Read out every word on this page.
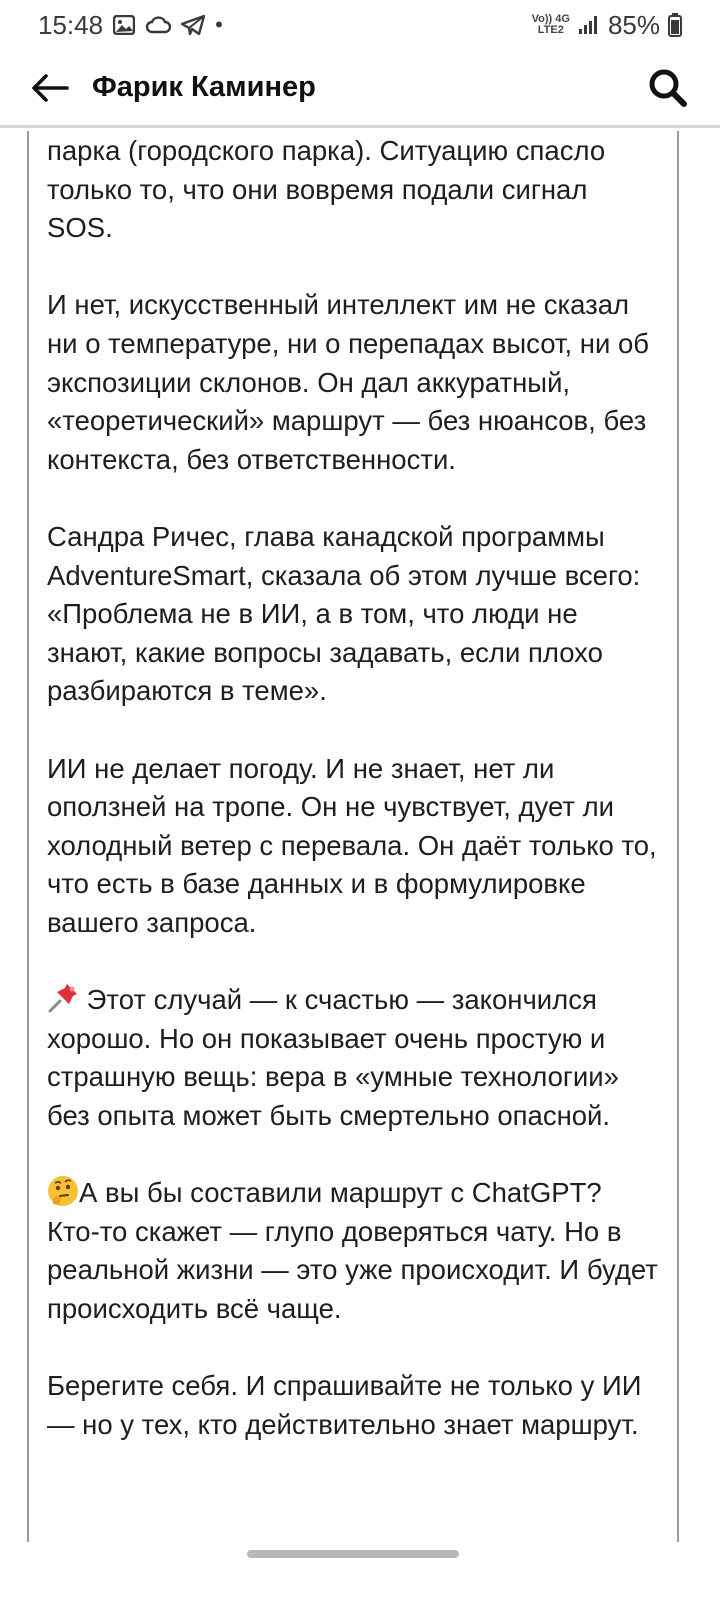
15:48	•	Vo)) 4G
LTE2 85%
Фарик Каминер

парка (городского парка). Ситуацию спасло только то, что они вовремя подали сигнал SOS.

И нет, искусственный интеллект им не сказал ни о температуре, ни о перепадах высот, ни об экспозиции склонов. Он дал аккуратный, «теоретический» маршрут — без нюансов, без контекста, без ответственности.

Сандра Ричес, глава канадской программы AdventureSmart, сказала об этом лучше всего: «Проблема не в ИИ, а в том, что люди не знают, какие вопросы задавать, если плохо разбираются в теме».

ИИ не делает погоду. И не знает, нет ли оползней на тропе. Он не чувствует, дует ли холодный ветер с перевала. Он даёт только то, что есть в базе данных и в формулировке вашего запроса.

Этот случай — к счастью — закончился хорошо. Но он показывает очень простую и страшную вещь: вера в «умные технологии» без опыта может быть смертельно опасной.

А вы бы составили маршрут с ChatGPT? Кто-то скажет — глупо доверяться чату. Но в реальной жизни — это уже происходит. И будет происходить всё чаще.

Берегите себя. И спрашивайте не только у ИИ — но у тех, кто действительно знает маршрут.
